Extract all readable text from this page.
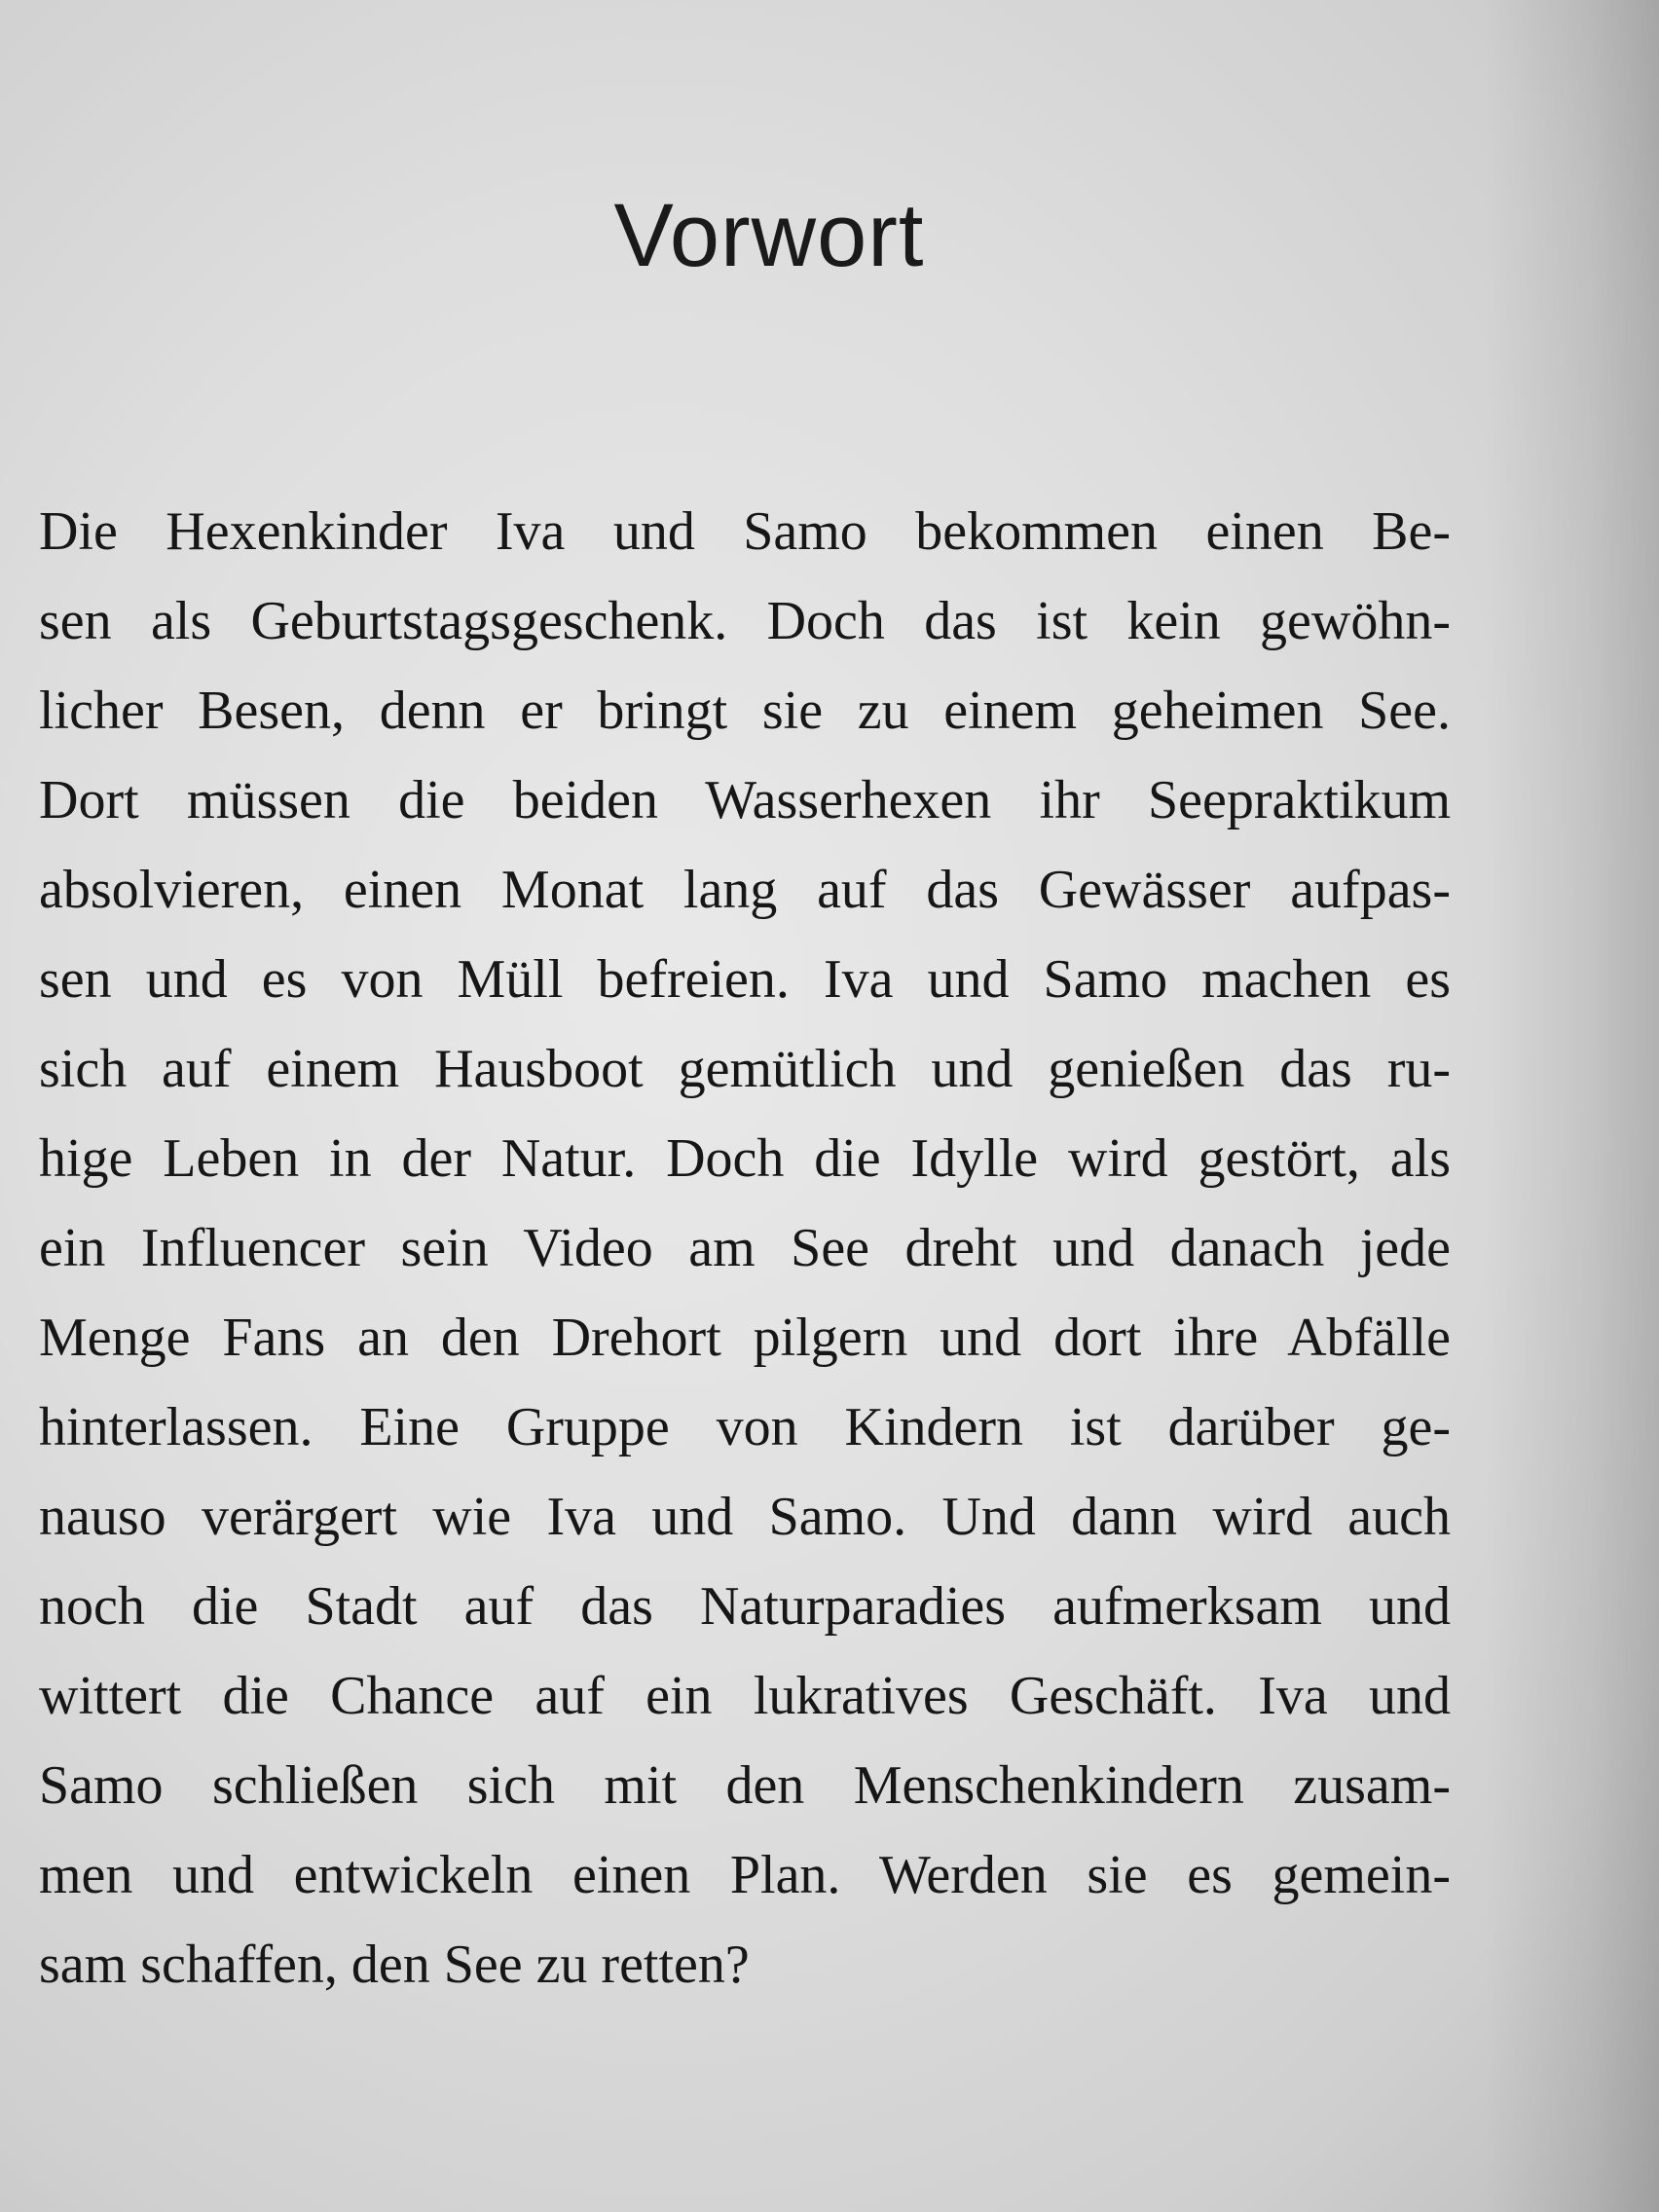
Vorwort
Die Hexenkinder Iva und Samo bekommen einen Be-
sen als Geburtstagsgeschenk. Doch das ist kein gewöhn-
licher Besen, denn er bringt sie zu einem geheimen See.
Dort müssen die beiden Wasserhexen ihr Seepraktikum
absolvieren, einen Monat lang auf das Gewässer aufpas-
sen und es von Müll befreien. Iva und Samo machen es
sich auf einem Hausboot gemütlich und genießen das ru-
hige Leben in der Natur. Doch die Idylle wird gestört, als
ein Influencer sein Video am See dreht und danach jede
Menge Fans an den Drehort pilgern und dort ihre Abfälle
hinterlassen. Eine Gruppe von Kindern ist darüber ge-
nauso verärgert wie Iva und Samo. Und dann wird auch
noch die Stadt auf das Naturparadies aufmerksam und
wittert die Chance auf ein lukratives Geschäft. Iva und
Samo schließen sich mit den Menschenkindern zusam-
men und entwickeln einen Plan. Werden sie es gemein-
sam schaffen, den See zu retten?
